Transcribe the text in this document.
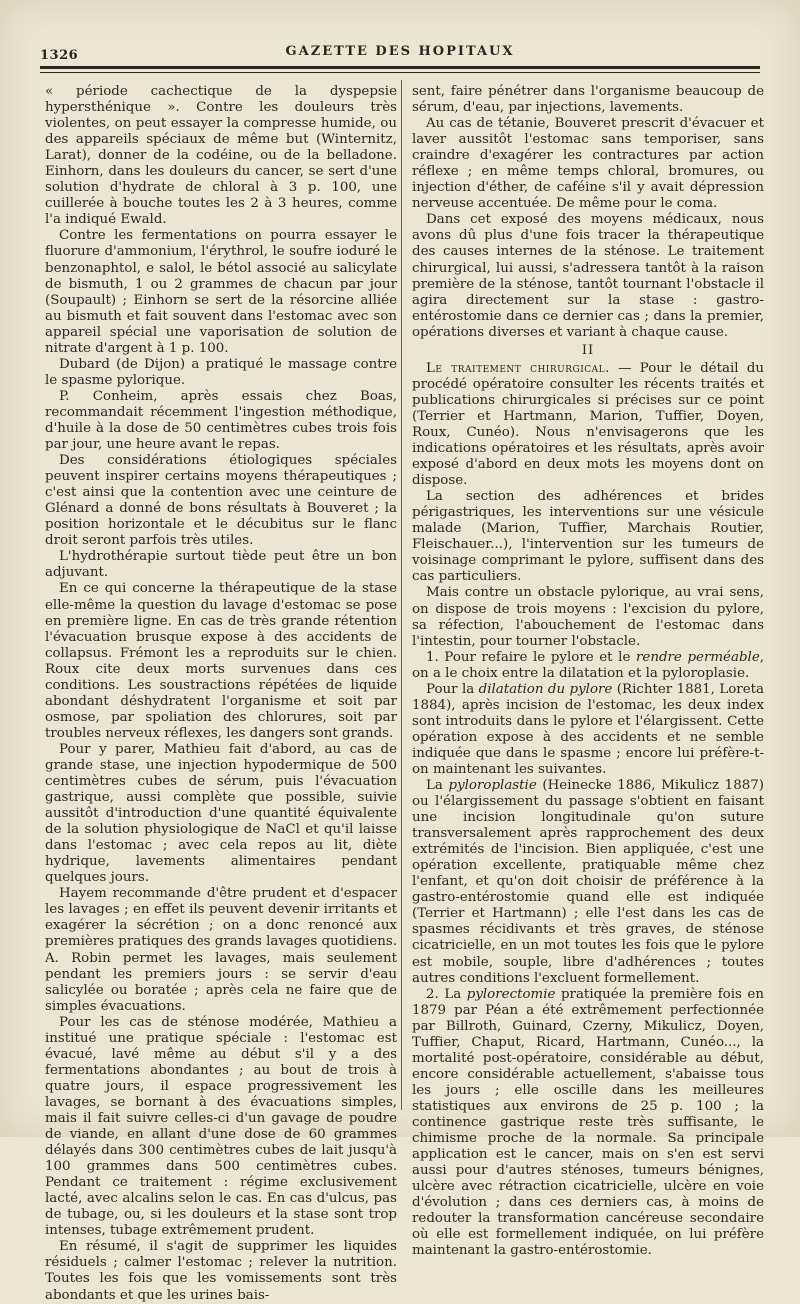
1326	GAZETTE DES HOPITAUX

« période cachectique de la dyspepsie hypersthénique ». Contre les douleurs très violentes, on peut essayer la compresse humide, ou des appareils spéciaux de même but (Winternitz, Larat), donner de la codéine, ou de la belladone. Einhorn, dans les douleurs du cancer, se sert d'une solution d'hydrate de chloral à 3 p. 100, une cuillerée à bouche toutes les 2 à 3 heures, comme l'a indiqué Ewald.

Contre les fermentations on pourra essayer le fluorure d'ammonium, l'érythrol, le soufre ioduré le benzonaphtol, e salol, le bétol associé au salicylate de bismuth, 1 ou 2 grammes de chacun par jour (Soupault) ; Einhorn se sert de la résorcine alliée au bismuth et fait souvent dans l'estomac avec son appareil spécial une vaporisation de solution de nitrate d'argent à 1 p. 100.

Dubard (de Dijon) a pratiqué le massage contre le spasme pylorique.

P. Conheim, après essais chez Boas, recommandait récemment l'ingestion méthodique, d'huile à la dose de 50 centimètres cubes trois fois par jour, une heure avant le repas.

Des considérations étiologiques spéciales peuvent inspirer certains moyens thérapeutiques ; c'est ainsi que la contention avec une ceinture de Glénard a donné de bons résultats à Bouveret ; la position horizontale et le décubitus sur le flanc droit seront parfois très utiles.

L'hydrothérapie surtout tiède peut être un bon adjuvant.

En ce qui concerne la thérapeutique de la stase elle-même la question du lavage d'estomac se pose en première ligne. En cas de très grande rétention l'évacuation brusque expose à des accidents de collapsus. Frémont les a reproduits sur le chien. Roux cite deux morts survenues dans ces conditions. Les soustractions répétées de liquide abondant déshydratent l'organisme et soit par osmose, par spoliation des chlorures, soit par troubles nerveux réflexes, les dangers sont grands.

Pour y parer, Mathieu fait d'abord, au cas de grande stase, une injection hypodermique de 500 centimètres cubes de sérum, puis l'évacuation gastrique, aussi complète que possible, suivie aussitôt d'introduction d'une quantité équivalente de la solution physiologique de NaCl et qu'il laisse dans l'estomac ; avec cela repos au lit, diète hydrique, lavements alimentaires pendant quelques jours.

Hayem recommande d'être prudent et d'espacer les lavages ; en effet ils peuvent devenir irritants et exagérer la sécrétion ; on a donc renoncé aux premières pratiques des grands lavages quotidiens. A. Robin permet les lavages, mais seulement pendant les premiers jours : se servir d'eau salicylée ou boratée ; après cela ne faire que de simples évacuations.

Pour les cas de sténose modérée, Mathieu a institué une pratique spéciale : l'estomac est évacué, lavé même au début s'il y a des fermentations abondantes ; au bout de trois à quatre jours, il espace progressivement les lavages, se bornant à des évacuations simples, mais il fait suivre celles-ci d'un gavage de poudre de viande, en allant d'une dose de 60 grammes délayés dans 300 centimètres cubes de lait jusqu'à 100 grammes dans 500 centimètres cubes. Pendant ce traitement : régime exclusivement lacté, avec alcalins selon le cas. En cas d'ulcus, pas de tubage, ou, si les douleurs et la stase sont trop intenses, tubage extrêmement prudent.

En résumé, il s'agit de supprimer les liquides résiduels ; calmer l'estomac ; relever la nutrition. Toutes les fois que les vomissements sont très abondants et que les urines bais-

sent, faire pénétrer dans l'organisme beaucoup de sérum, d'eau, par injections, lavements.

Au cas de tétanie, Bouveret prescrit d'évacuer et laver aussitôt l'estomac sans temporiser, sans craindre d'exagérer les contractures par action réflexe ; en même temps chloral, bromures, ou injection d'éther, de caféine s'il y avait dépression nerveuse accentuée. De même pour le coma.

Dans cet exposé des moyens médicaux, nous avons dû plus d'une fois tracer la thérapeutique des causes internes de la sténose. Le traitement chirurgical, lui aussi, s'adressera tantôt à la raison première de la sténose, tantôt tournant l'obstacle il agira directement sur la stase : gastro-entérostomie dans ce dernier cas ; dans la premier, opérations diverses et variant à chaque cause.

II

Le traitement chirurgical. — Pour le détail du procédé opératoire consulter les récents traités et publications chirurgicales si précises sur ce point (Terrier et Hartmann, Marion, Tuffier, Doyen, Roux, Cunéo). Nous n'envisagerons que les indications opératoires et les résultats, après avoir exposé d'abord en deux mots les moyens dont on dispose.

La section des adhérences et brides périgastriques, les interventions sur une vésicule malade (Marion, Tuffier, Marchais Routier, Fleischauer...), l'intervention sur les tumeurs de voisinage comprimant le pylore, suffisent dans des cas particuliers.

Mais contre un obstacle pylorique, au vrai sens, on dispose de trois moyens : l'excision du pylore, sa réfection, l'abouchement de l'estomac dans l'intestin, pour tourner l'obstacle.

1. Pour refaire le pylore et le rendre perméable, on a le choix entre la dilatation et la pyloroplasie.

Pour la dilatation du pylore (Richter 1881, Loreta 1884), après incision de l'estomac, les deux index sont introduits dans le pylore et l'élargissent. Cette opération expose à des accidents et ne semble indiquée que dans le spasme ; encore lui préfère-t-on maintenant les suivantes.

La pyloroplastie (Heinecke 1886, Mikulicz 1887) ou l'élargissement du passage s'obtient en faisant une incision longitudinale qu'on suture transversalement après rapprochement des deux extrémités de l'incision. Bien appliquée, c'est une opération excellente, pratiquable même chez l'enfant, et qu'on doit choisir de préférence à la gastro-entérostomie quand elle est indiquée (Terrier et Hartmann) ; elle l'est dans les cas de spasmes récidivants et très graves, de sténose cicatricielle, en un mot toutes les fois que le pylore est mobile, souple, libre d'adhérences ; toutes autres conditions l'excluent formellement.

2. La pylorectomie pratiquée la première fois en 1879 par Péan a été extrêmement perfectionnée par Billroth, Guinard, Czerny, Mikulicz, Doyen, Tuffier, Chaput, Ricard, Hartmann, Cunéo..., la mortalité post-opératoire, considérable au début, encore considérable actuellement, s'abaisse tous les jours ; elle oscille dans les meilleures statistiques aux environs de 25 p. 100 ; la continence gastrique reste très suffisante, le chimisme proche de la normale. Sa principale application est le cancer, mais on s'en est servi aussi pour d'autres sténoses, tumeurs bénignes, ulcère avec rétraction cicatricielle, ulcère en voie d'évolution ; dans ces derniers cas, à moins de redouter la transformation cancéreuse secondaire où elle est formellement indiquée, on lui préfère maintenant la gastro-entérostomie.
